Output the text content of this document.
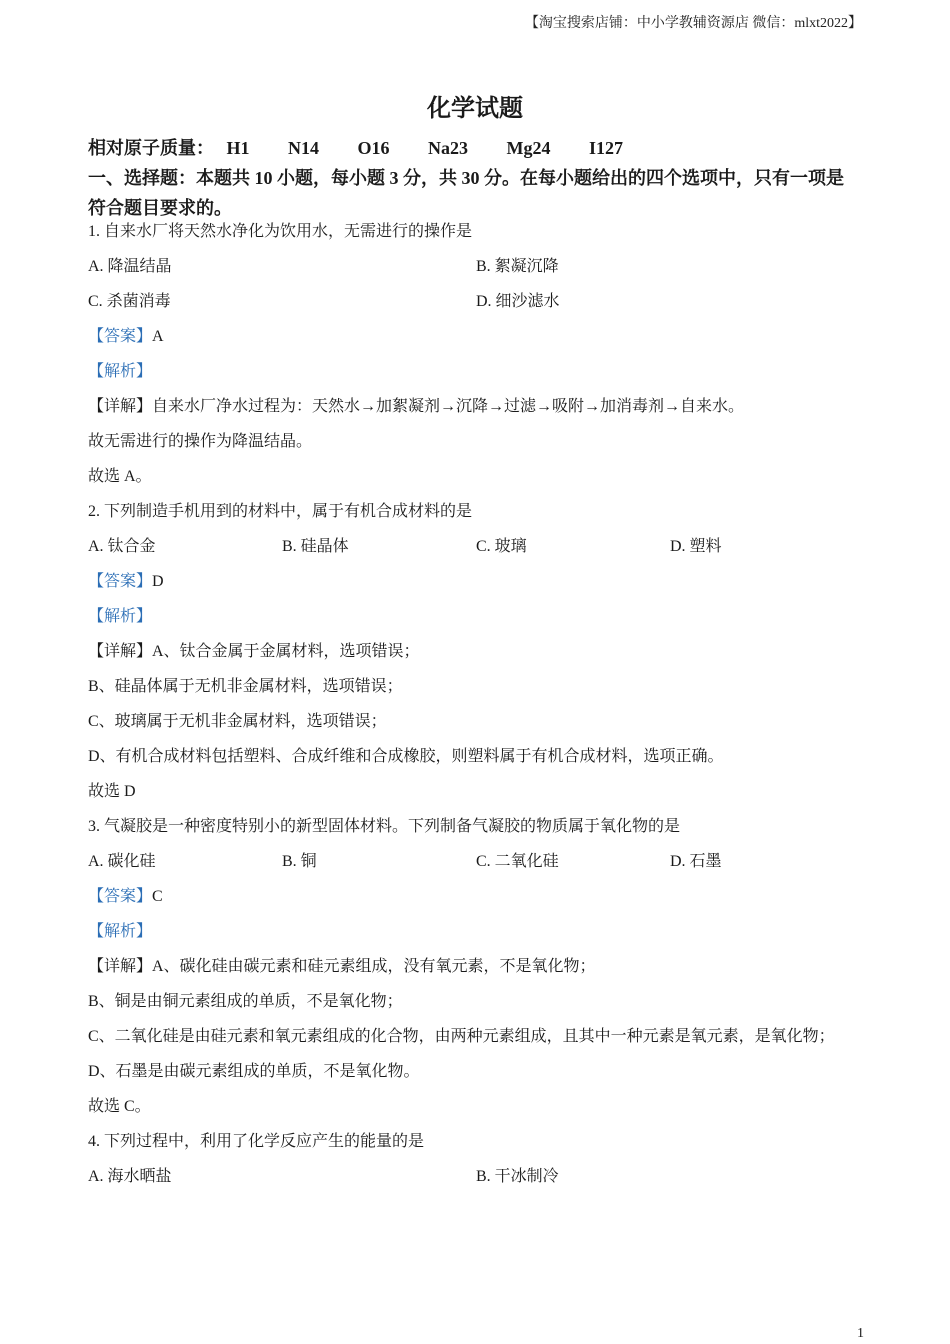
【淘宝搜索店铺：中小学教辅资源店 微信：mlxt2022】
化学试题
相对原子质量： H1 N14 O16 Na23 Mg24 I127
一、选择题：本题共 10 小题，每小题 3 分，共 30 分。在每小题给出的四个选项中，只有一项是符合题目要求的。
1. 自来水厂将天然水净化为饮用水，无需进行的操作是
A. 降温结晶	B. 絮凝沉降
C. 杀菌消毒	D. 细沙滤水
【答案】A
【解析】
【详解】自来水厂净水过程为：天然水→加絮凝剂→沉降→过滤→吸附→加消毒剂→自来水。
故无需进行的操作为降温结晶。
故选 A。
2. 下列制造手机用到的材料中，属于有机合成材料的是
A. 钛合金	B. 硅晶体	C. 玻璃	D. 塑料
【答案】D
【解析】
【详解】A、钛合金属于金属材料，选项错误；
B、硅晶体属于无机非金属材料，选项错误；
C、玻璃属于无机非金属材料，选项错误；
D、有机合成材料包括塑料、合成纤维和合成橡胶，则塑料属于有机合成材料，选项正确。
故选 D
3. 气凝胶是一种密度特别小的新型固体材料。下列制备气凝胶的物质属于氧化物的是
A. 碳化硅	B. 铜	C. 二氧化硅	D. 石墨
【答案】C
【解析】
【详解】A、碳化硅由碳元素和硅元素组成，没有氧元素，不是氧化物；
B、铜是由铜元素组成的单质，不是氧化物；
C、二氧化硅是由硅元素和氧元素组成的化合物，由两种元素组成，且其中一种元素是氧元素，是氧化物；
D、石墨是由碳元素组成的单质，不是氧化物。
故选 C。
4. 下列过程中，利用了化学反应产生的能量的是
A. 海水晒盐	B. 干冰制冷
1
